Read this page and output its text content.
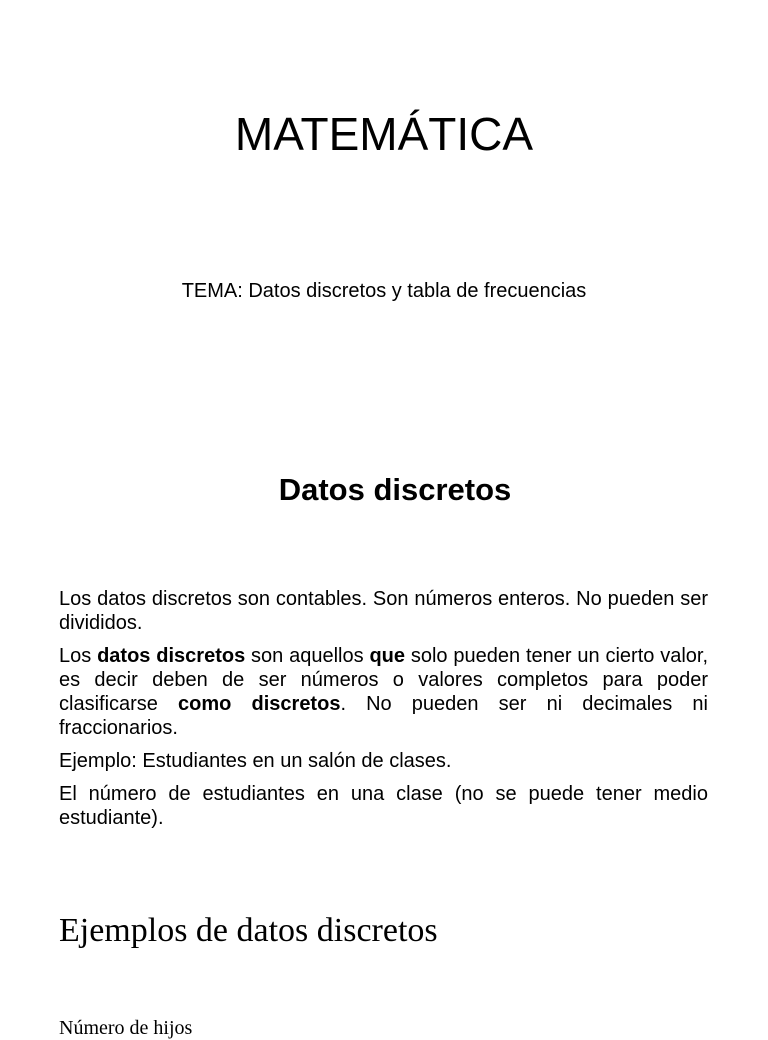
MATEMÁTICA

TEMA: Datos discretos y tabla de frecuencias

Datos discretos

Los datos discretos son contables. Son números enteros. No pueden ser divididos.

Los datos discretos son aquellos que solo pueden tener un cierto valor, es decir deben de ser números o valores completos para poder clasificarse como discretos. No pueden ser ni decimales ni fraccionarios.

Ejemplo: Estudiantes en un salón de clases.

El número de estudiantes en una clase (no se puede tener medio estudiante).

Ejemplos de datos discretos

Número de hijos
